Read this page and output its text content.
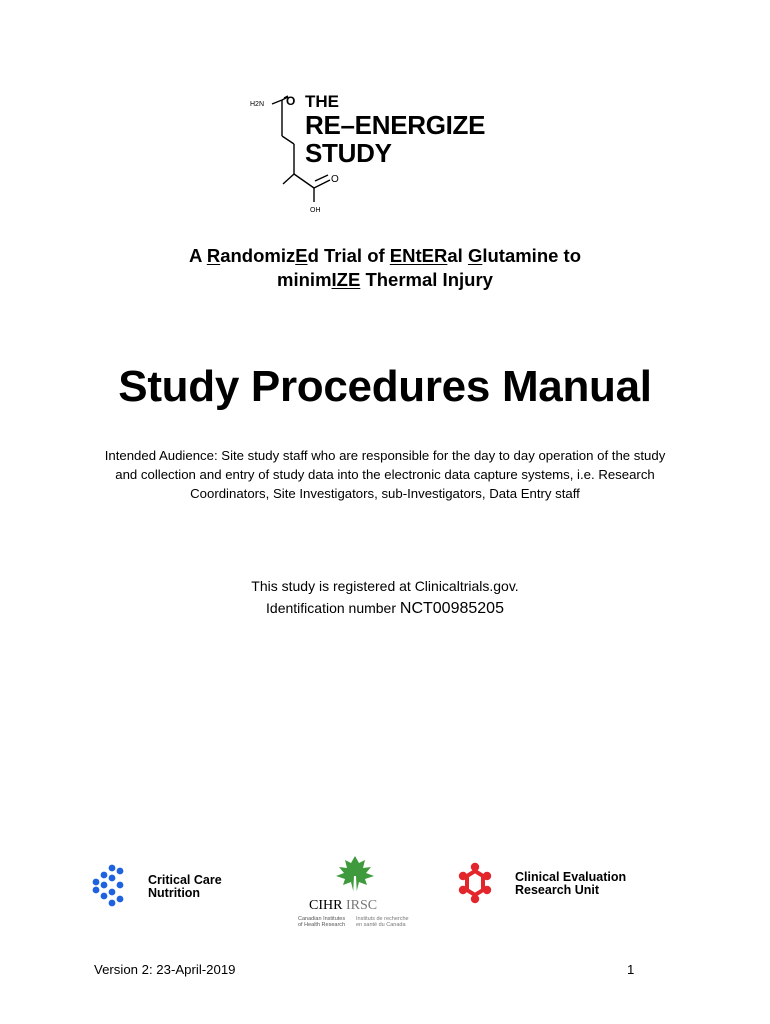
H2N O
O
OH
THE
RE–ENERGIZE
STUDY
A RandomizEd Trial of ENtERal Glutamine to
minimIZE Thermal Injury
Study Procedures Manual
Intended Audience: Site study staff who are responsible for the day to day operation of the study and collection and entry of study data into the electronic data capture systems, i.e. Research Coordinators, Site Investigators, sub-Investigators, Data Entry staff
This study is registered at Clinicaltrials.gov.
Identification number NCT00985205
Critical Care
Nutrition
CIHR IRSC
Canadian Institutes of Health Research
Instituts de recherche en santé du Canada
Clinical Evaluation
Research Unit
Version 2: 23-April-2019	1
